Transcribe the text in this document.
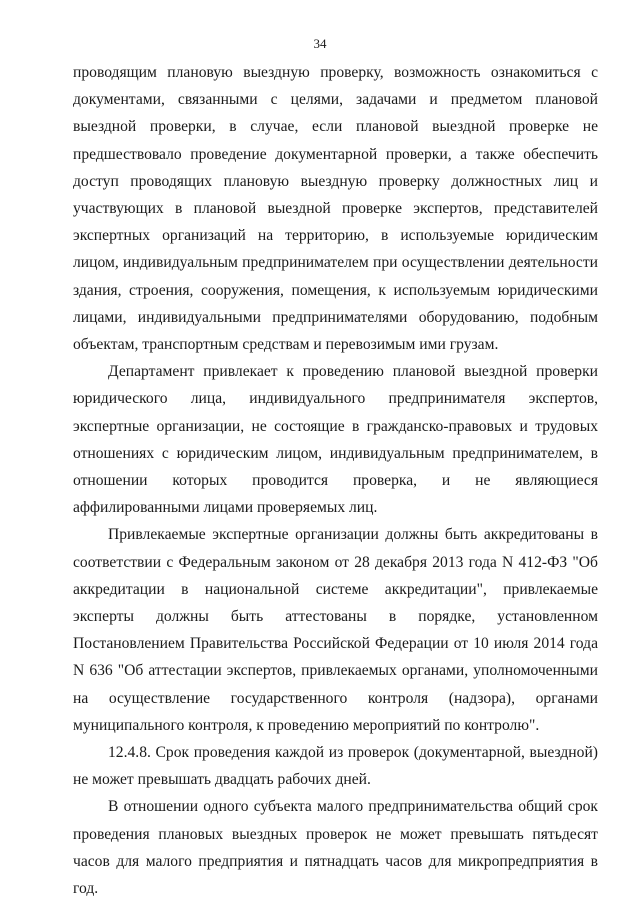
34

проводящим плановую выездную проверку, возможность ознакомиться с документами, связанными с целями, задачами и предметом плановой выездной проверки, в случае, если плановой выездной проверке не предшествовало проведение документарной проверки, а также обеспечить доступ проводящих плановую выездную проверку должностных лиц и участвующих в плановой выездной проверке экспертов, представителей экспертных организаций на территорию, в используемые юридическим лицом, индивидуальным предпринимателем при осуществлении деятельности здания, строения, сооружения, помещения, к используемым юридическими лицами, индивидуальными предпринимателями оборудованию, подобным объектам, транспортным средствам и перевозимым ими грузам.

Департамент привлекает к проведению плановой выездной проверки юридического лица, индивидуального предпринимателя экспертов, экспертные организации, не состоящие в гражданско-правовых и трудовых отношениях с юридическим лицом, индивидуальным предпринимателем, в отношении которых проводится проверка, и не являющиеся аффилированными лицами проверяемых лиц.

Привлекаемые экспертные организации должны быть аккредитованы в соответствии с Федеральным законом от 28 декабря 2013 года N 412-ФЗ "Об аккредитации в национальной системе аккредитации", привлекаемые эксперты должны быть аттестованы в порядке, установленном Постановлением Правительства Российской Федерации от 10 июля 2014 года N 636 "Об аттестации экспертов, привлекаемых органами, уполномоченными на осуществление государственного контроля (надзора), органами муниципального контроля, к проведению мероприятий по контролю".

12.4.8. Срок проведения каждой из проверок (документарной, выездной) не может превышать двадцать рабочих дней.

В отношении одного субъекта малого предпринимательства общий срок проведения плановых выездных проверок не может превышать пятьдесят часов для малого предприятия и пятнадцать часов для микропредприятия в год.
